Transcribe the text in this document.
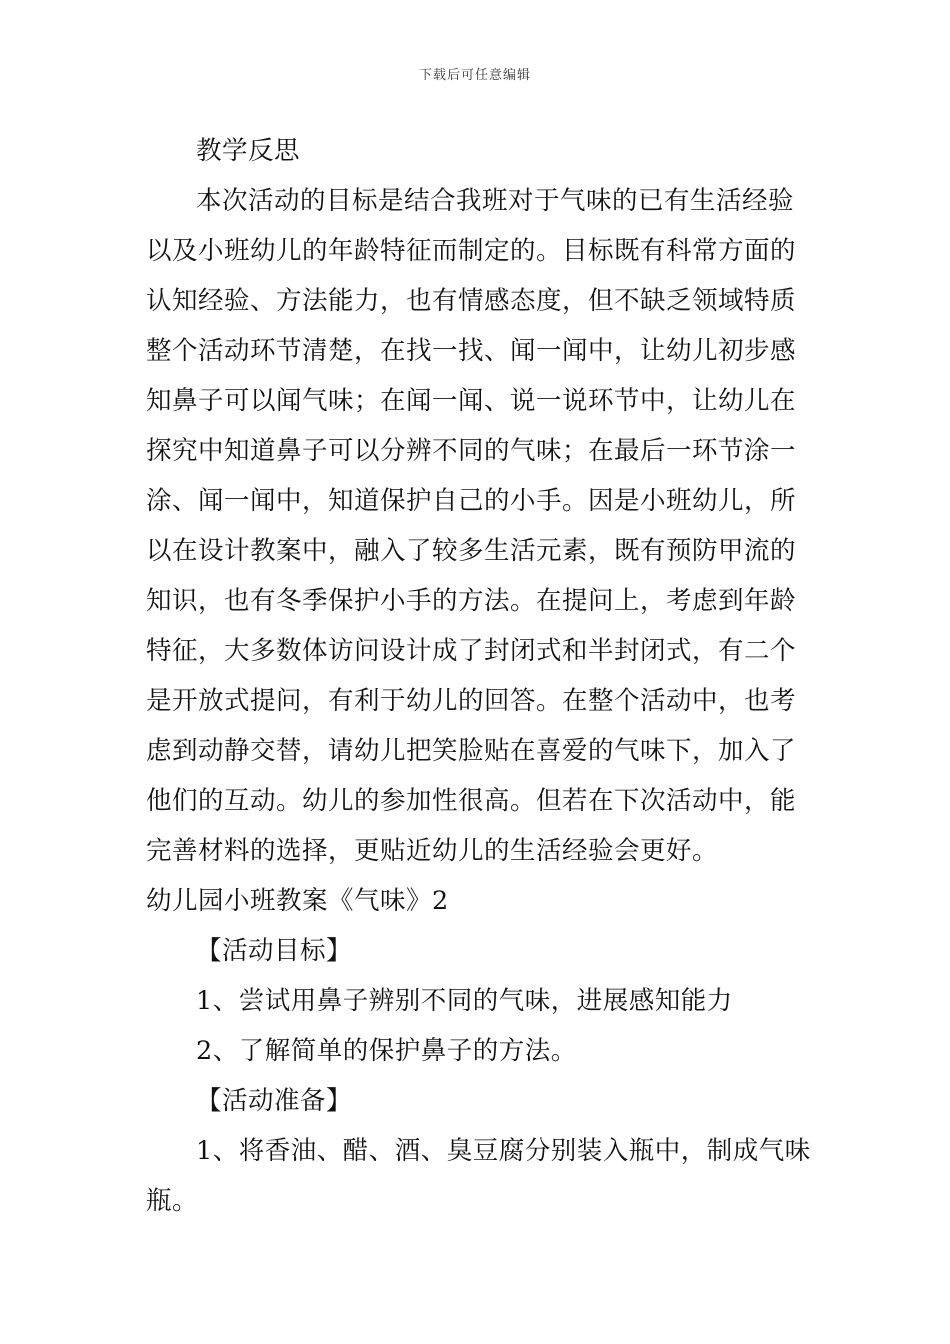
下载后可任意编辑
教学反思
本次活动的目标是结合我班对于气味的已有生活经验
以及小班幼儿的年龄特征而制定的。目标既有科常方面的
认知经验、方法能力，也有情感态度，但不缺乏领域特质
整个活动环节清楚，在找一找、闻一闻中，让幼儿初步感
知鼻子可以闻气味；在闻一闻、说一说环节中，让幼儿在
探究中知道鼻子可以分辨不同的气味；在最后一环节涂一
涂、闻一闻中，知道保护自己的小手。因是小班幼儿，所
以在设计教案中，融入了较多生活元素，既有预防甲流的
知识，也有冬季保护小手的方法。在提问上，考虑到年龄
特征，大多数体访问设计成了封闭式和半封闭式，有二个
是开放式提问，有利于幼儿的回答。在整个活动中，也考
虑到动静交替，请幼儿把笑脸贴在喜爱的气味下，加入了
他们的互动。幼儿的参加性很高。但若在下次活动中，能
完善材料的选择，更贴近幼儿的生活经验会更好。
幼儿园小班教案《气味》2
【活动目标】
1、尝试用鼻子辨别不同的气味，进展感知能力
2、了解简单的保护鼻子的方法。
【活动准备】
1、将香油、醋、酒、臭豆腐分别装入瓶中，制成气味
瓶。
